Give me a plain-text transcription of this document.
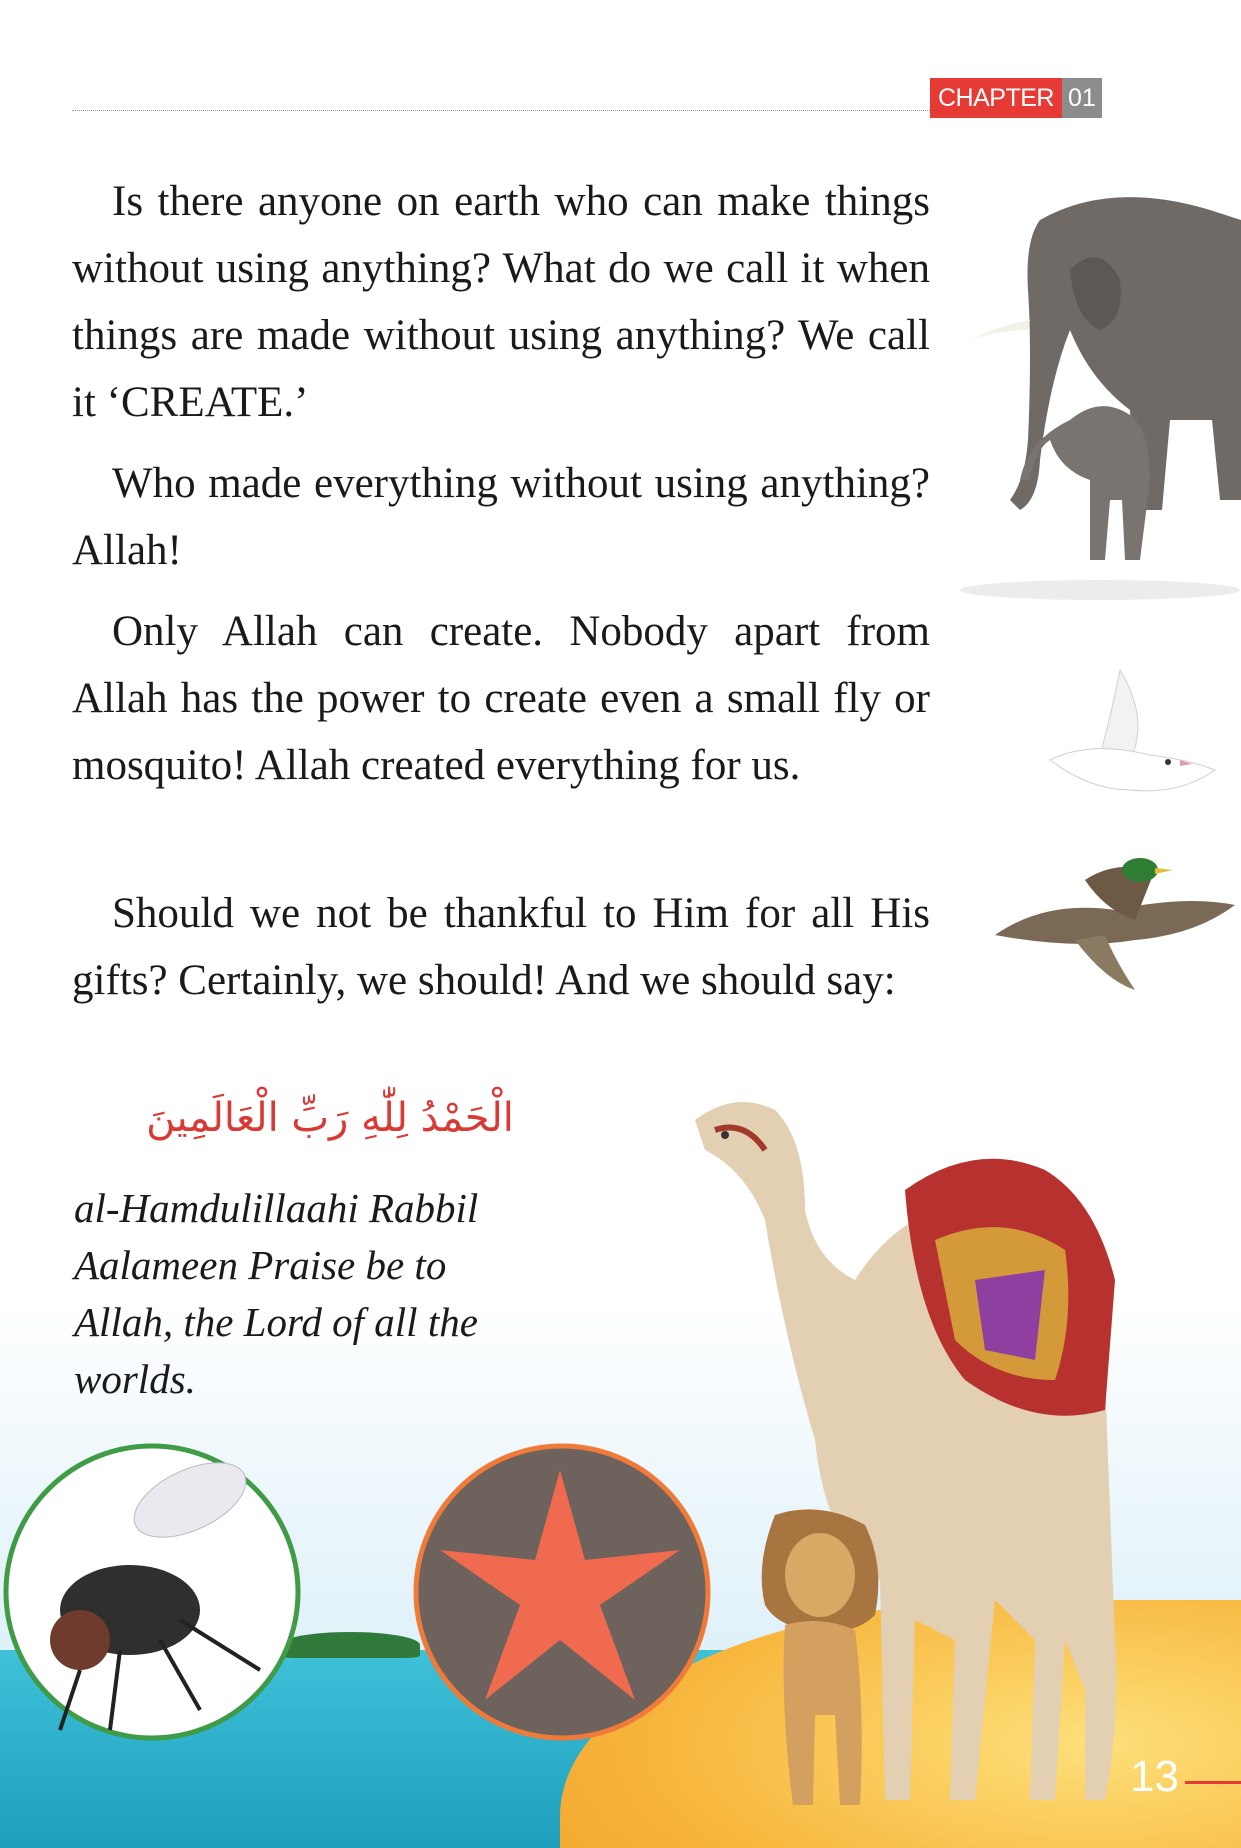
CHAPTER 01

Is there anyone on earth who can make things without using anything? What do we call it when things are made without using anything? We call it ‘CREATE.’

Who made everything without using anything? Allah!

Only Allah can create. Nobody apart from Allah has the power to create even a small fly or mosquito! Allah created everything for us.

Should we not be thankful to Him for all His gifts? Certainly, we should! And we should say:

الْحَمْدُ لِلّٰهِ رَبِّ الْعَالَمِينَ

al-Hamdulillaahi Rabbil Aalameen Praise be to Allah, the Lord of all the worlds.

13
